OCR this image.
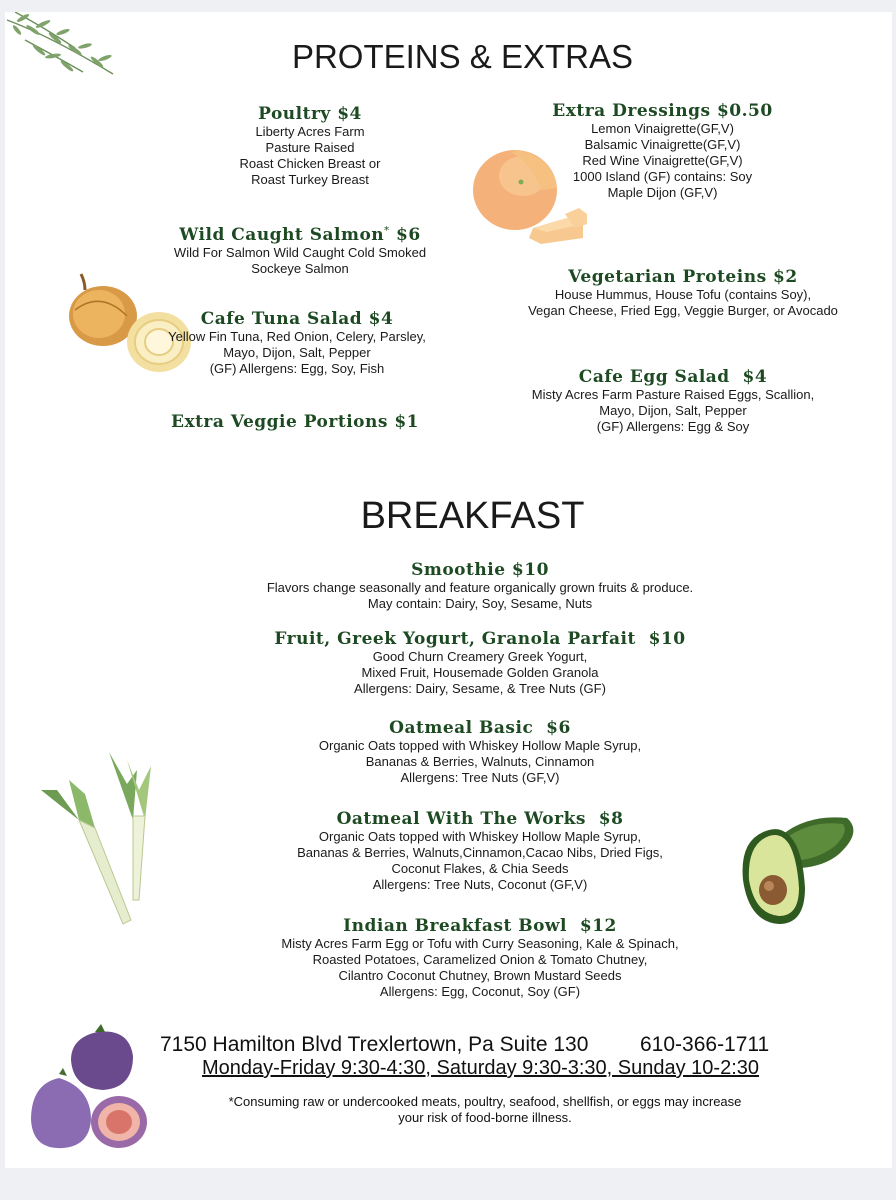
PROTEINS & EXTRAS
Poultry $4
Liberty Acres Farm
Pasture Raised
Roast Chicken Breast or
Roast Turkey Breast
Wild Caught Salmon* $6
Wild For Salmon Wild Caught Cold Smoked
Sockeye Salmon
Cafe Tuna Salad $4
Yellow Fin Tuna, Red Onion, Celery, Parsley,
Mayo, Dijon, Salt, Pepper
(GF) Allergens: Egg, Soy, Fish
Extra Veggie Portions $1
Extra Dressings $0.50
Lemon Vinaigrette(GF,V)
Balsamic Vinaigrette(GF,V)
Red Wine Vinaigrette(GF,V)
1000 Island (GF) contains: Soy
Maple Dijon (GF,V)
Vegetarian Proteins $2
House Hummus, House Tofu (contains Soy),
Vegan Cheese, Fried Egg, Veggie Burger, or Avocado
Cafe Egg Salad  $4
Misty Acres Farm Pasture Raised Eggs, Scallion,
Mayo, Dijon, Salt, Pepper
(GF) Allergens: Egg & Soy
BREAKFAST
Smoothie $10
Flavors change seasonally and feature organically grown fruits & produce.
May contain: Dairy, Soy, Sesame, Nuts
Fruit, Greek Yogurt, Granola Parfait  $10
Good Churn Creamery Greek Yogurt,
Mixed Fruit, Housemade Golden Granola
Allergens: Dairy, Sesame, & Tree Nuts (GF)
Oatmeal Basic  $6
Organic Oats topped with Whiskey Hollow Maple Syrup,
Bananas & Berries, Walnuts, Cinnamon
Allergens: Tree Nuts (GF,V)
Oatmeal With The Works  $8
Organic Oats topped with Whiskey Hollow Maple Syrup,
Bananas & Berries, Walnuts,Cinnamon,Cacao Nibs, Dried Figs,
Coconut Flakes, & Chia Seeds
Allergens: Tree Nuts, Coconut (GF,V)
Indian Breakfast Bowl  $12
Misty Acres Farm Egg or Tofu with Curry Seasoning, Kale & Spinach,
Roasted Potatoes, Caramelized Onion & Tomato Chutney,
Cilantro Coconut Chutney, Brown Mustard Seeds
Allergens: Egg, Coconut, Soy (GF)
7150 Hamilton Blvd Trexlertown, Pa Suite 130 610-366-1711
Monday-Friday 9:30-4:30, Saturday 9:30-3:30, Sunday 10-2:30
*Consuming raw or undercooked meats, poultry, seafood, shellfish, or eggs may increase
your risk of food-borne illness.
